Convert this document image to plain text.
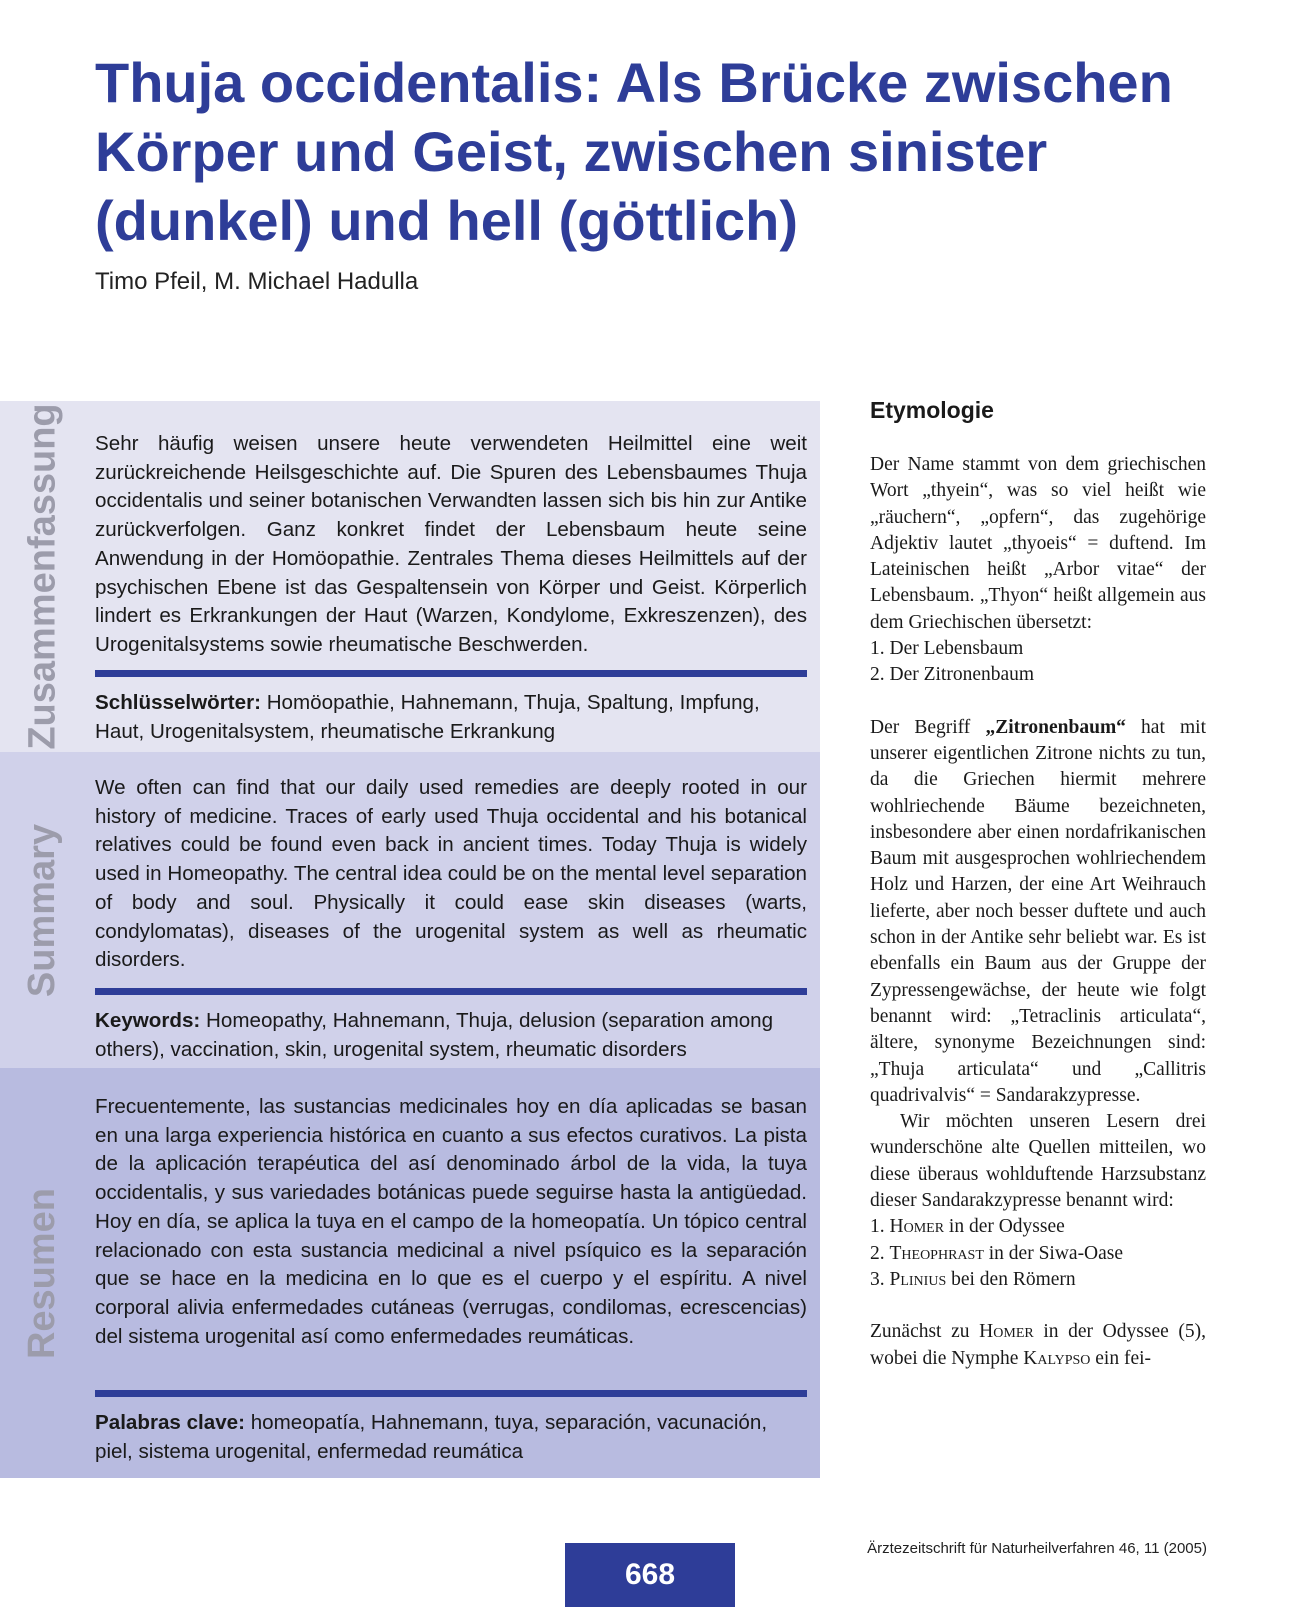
Thuja occidentalis: Als Brücke zwischen Körper und Geist, zwischen sinister (dunkel) und hell (göttlich)
Timo Pfeil, M. Michael Hadulla
Zusammenfassung Sehr häufig weisen unsere heute verwendeten Heilmittel eine weit zurückreichende Heilsgeschichte auf. Die Spuren des Lebensbaumes Thuja occidentalis und seiner botanischen Verwandten lassen sich bis hin zur Antike zurückverfolgen. Ganz konkret findet der Lebensbaum heute seine Anwendung in der Homöopathie. Zentrales Thema dieses Heilmittels auf der psychischen Ebene ist das Gespaltensein von Körper und Geist. Körperlich lindert es Erkrankungen der Haut (Warzen, Kondylome, Exkreszenzen), des Urogenitalsystems sowie rheumatische Beschwerden.

Schlüsselwörter: Homöopathie, Hahnemann, Thuja, Spaltung, Impfung, Haut, Urogenitalsystem, rheumatische Erkrankung

Summary

We often can find that our daily used remedies are deeply rooted in our history of medicine. Traces of early used Thuja occidental and his botanical relatives could be found even back in ancient times. Today Thuja is widely used in Homeopathy. The central idea could be on the mental level separation of body and soul. Physically it could ease skin diseases (warts, condylomatas), diseases of the urogenital system as well as rheumatic disorders.

Keywords: Homeopathy, Hahnemann, Thuja, delusion (separation among others), vaccination, skin, urogenital system, rheumatic disorders

Resumen

Frecuentemente, las sustancias medicinales hoy en día aplicadas se basan en una larga experiencia histórica en cuanto a sus efectos curativos. La pista de la aplicación terapéutica del así denominado árbol de la vida, la tuya occidentalis, y sus variedades botánicas puede seguirse hasta la antigüedad. Hoy en día, se aplica la tuya en el campo de la homeopatía. Un tópico central relacionado con esta sustancia medicinal a nivel psíquico es la separación que se hace en la medicina en lo que es el cuerpo y el espíritu. A nivel corporal alivia enfermedades cutáneas (verrugas, condilomas, ecrescencias) del sistema urogenital así como enfermedades reumáticas.

Palabras clave: homeopatía, Hahnemann, tuya, separación, vacunación, piel, sistema urogenital, enfermedad reumática

Etymologie

Der Name stammt von dem griechischen Wort „thyein“, was so viel heißt wie „räuchern“, „opfern“, das zugehörige Adjektiv lautet „thyoeis“ = duftend. Im Lateinischen heißt „Arbor vitae“ der Lebensbaum. „Thyon“ heißt allgemein aus dem Griechischen übersetzt:

1. Der Lebensbaum
2. Der Zitronenbaum

Der Begriff „Zitronenbaum“ hat mit unserer eigentlichen Zitrone nichts zu tun, da die Griechen hiermit mehrere wohlriechende Bäume bezeichneten, insbesondere aber einen nordafrikanischen Baum mit ausgesprochen wohlriechendem Holz und Harzen, der eine Art Weihrauch lieferte, aber noch besser duftete und auch schon in der Antike sehr beliebt war. Es ist ebenfalls ein Baum aus der Gruppe der Zypressengewächse, der heute wie folgt benannt wird: „Tetraclinis articulata“, ältere, synonyme Bezeichnungen sind: „Thuja articulata“ und „Callitris quadrivalvis“ = Sandarakzypresse.

Wir möchten unseren Lesern drei wunderschöne alte Quellen mitteilen, wo diese überaus wohlduftende Harzsubstanz dieser Sandarakzypresse benannt wird:

1. Homer in der Odyssee
2. Theophrast in der Siwa-Oase
3. Plinius bei den Römern

Zunächst zu Homer in der Odyssee (5), wobei die Nymphe Kalypso ein fei-

Ärztezeitschrift für Naturheilverfahren 46, 11 (2005)
668
